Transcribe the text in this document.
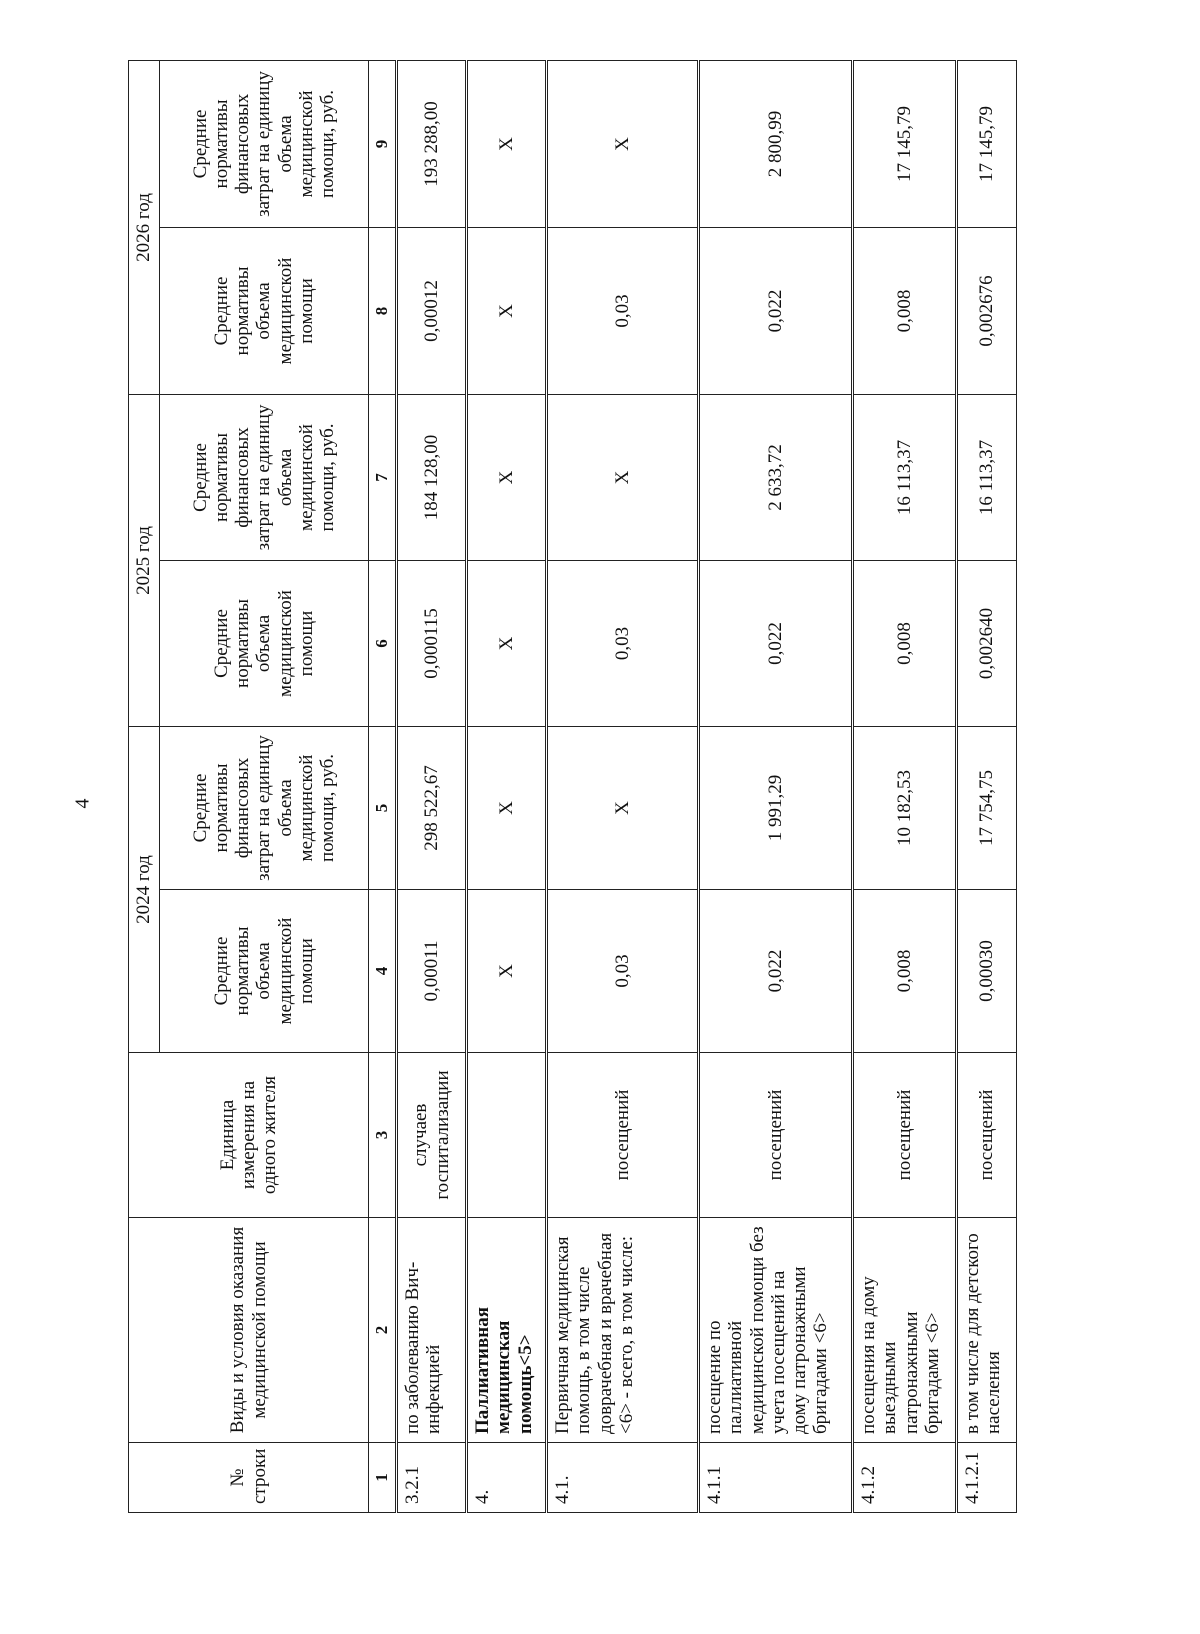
4
№ строки	Виды и условия оказания медицинской помощи	Единица измерения на одного жителя	2024 год		2025 год		2026 год	
			Средние нормативы объема медицинской помощи	Средние нормативы финансовых затрат на единицу объема медицинской помощи, руб.	Средние нормативы объема медицинской помощи	Средние нормативы финансовых затрат на единицу объема медицинской помощи, руб.	Средние нормативы объема медицинской помощи	Средние нормативы финансовых затрат на единицу объема медицинской помощи, руб.
1	2	3	4	5	6	7	8	9
3.2.1	по заболеванию Вич-инфекцией	случаев госпитализации	0,00011	298 522,67	0,000115	184 128,00	0,00012	193 288,00
4.	Паллиативная медицинская помощь<5>		X	X	X	X	X	X
4.1.	Первичная медицинская помощь, в том числе доврачебная и врачебная <6> - всего, в том числе:	посещений	0,03	X	0,03	X	0,03	X
4.1.1	посещение по паллиативной медицинской помощи без учета посещений на дому патронажными бригадами <6>	посещений	0,022	1 991,29	0,022	2 633,72	0,022	2 800,99
4.1.2	посещения на дому выездными патронажными бригадами <6>	посещений	0,008	10 182,53	0,008	16 113,37	0,008	17 145,79
4.1.2.1	в том числе для детского населения	посещений	0,00030	17 754,75	0,002640	16 113,37	0,002676	17 145,79
